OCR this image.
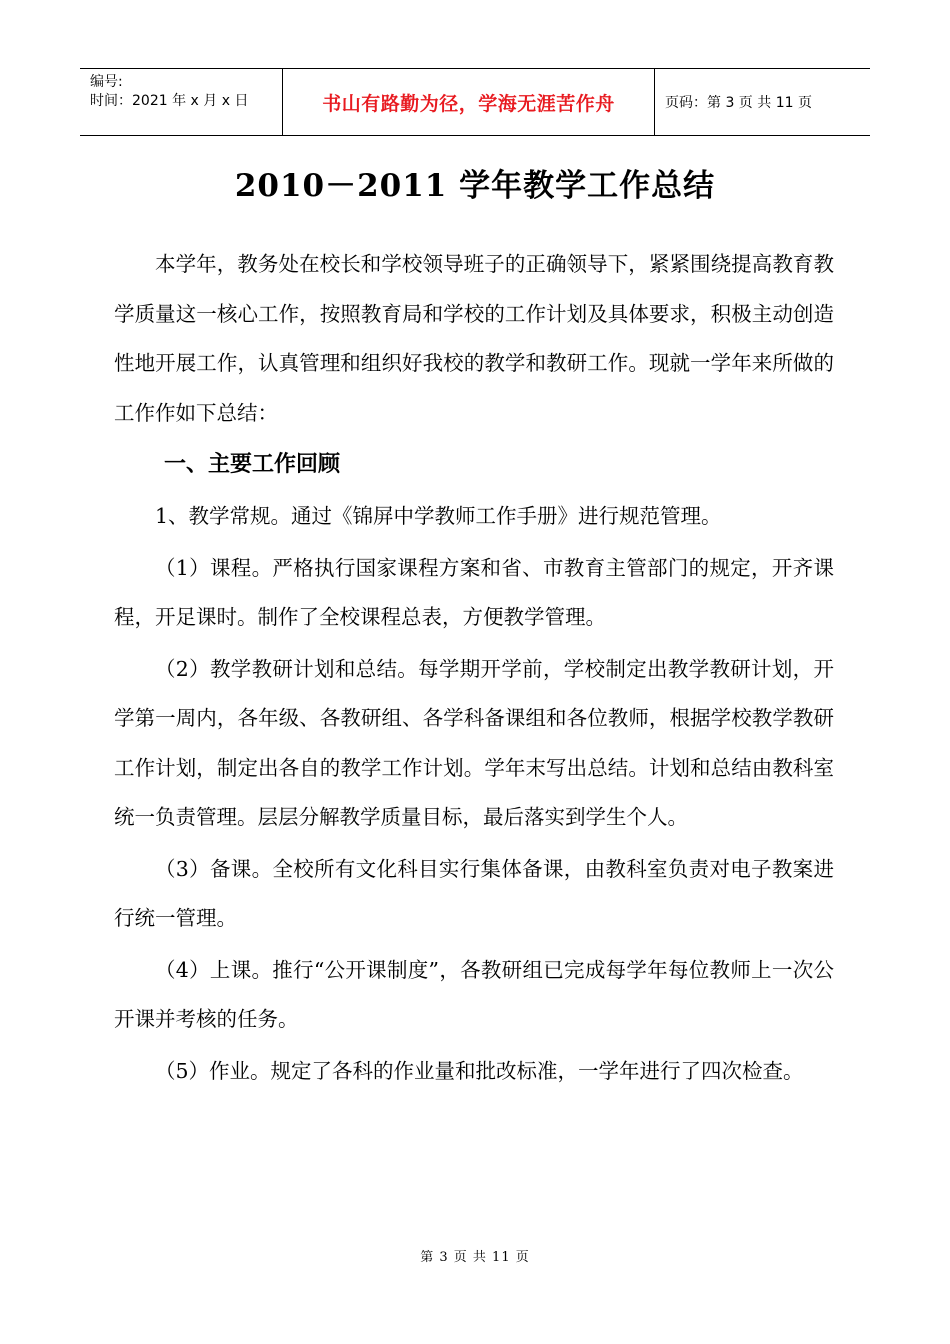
编号:
时间：2021 年 x 月 x 日	书山有路勤为径，学海无涯苦作舟	页码：第 3 页 共 11 页
2010－2011 学年教学工作总结

本学年，教务处在校长和学校领导班子的正确领导下，紧紧围绕提高教育教学质量这一核心工作，按照教育局和学校的工作计划及具体要求，积极主动创造性地开展工作，认真管理和组织好我校的教学和教研工作。现就一学年来所做的工作作如下总结：

一、主要工作回顾

1、教学常规。通过《锦屏中学教师工作手册》进行规范管理。

（1）课程。严格执行国家课程方案和省、市教育主管部门的规定，开齐课程，开足课时。制作了全校课程总表，方便教学管理。

（2）教学教研计划和总结。每学期开学前，学校制定出教学教研计划，开学第一周内，各年级、各教研组、各学科备课组和各位教师，根据学校教学教研工作计划，制定出各自的教学工作计划。学年末写出总结。计划和总结由教科室统一负责管理。层层分解教学质量目标，最后落实到学生个人。

（3）备课。全校所有文化科目实行集体备课，由教科室负责对电子教案进行统一管理。

（4）上课。推行“公开课制度”，各教研组已完成每学年每位教师上一次公开课并考核的任务。

（5）作业。规定了各科的作业量和批改标准，一学年进行了四次检查。

第 3 页 共 11 页
